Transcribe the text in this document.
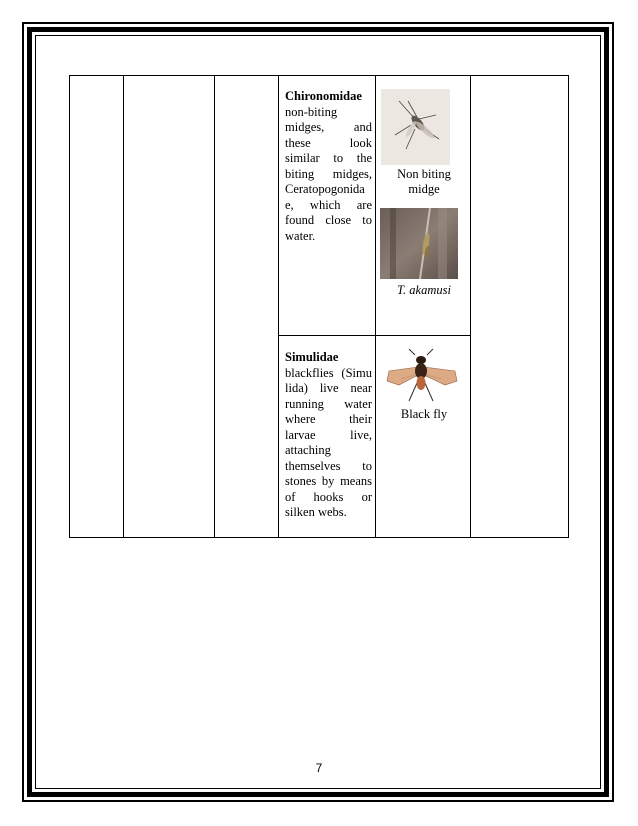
Chironomidae
non-biting midges, and these look similar to the biting midges, Ceratopogonida e, which are found close to water.
Non biting midge
T. akamusi
Simulidae
blackflies (Simu lida) live near running water where their larvae live, attaching themselves to stones by means of hooks or silken webs.
Black fly
7
